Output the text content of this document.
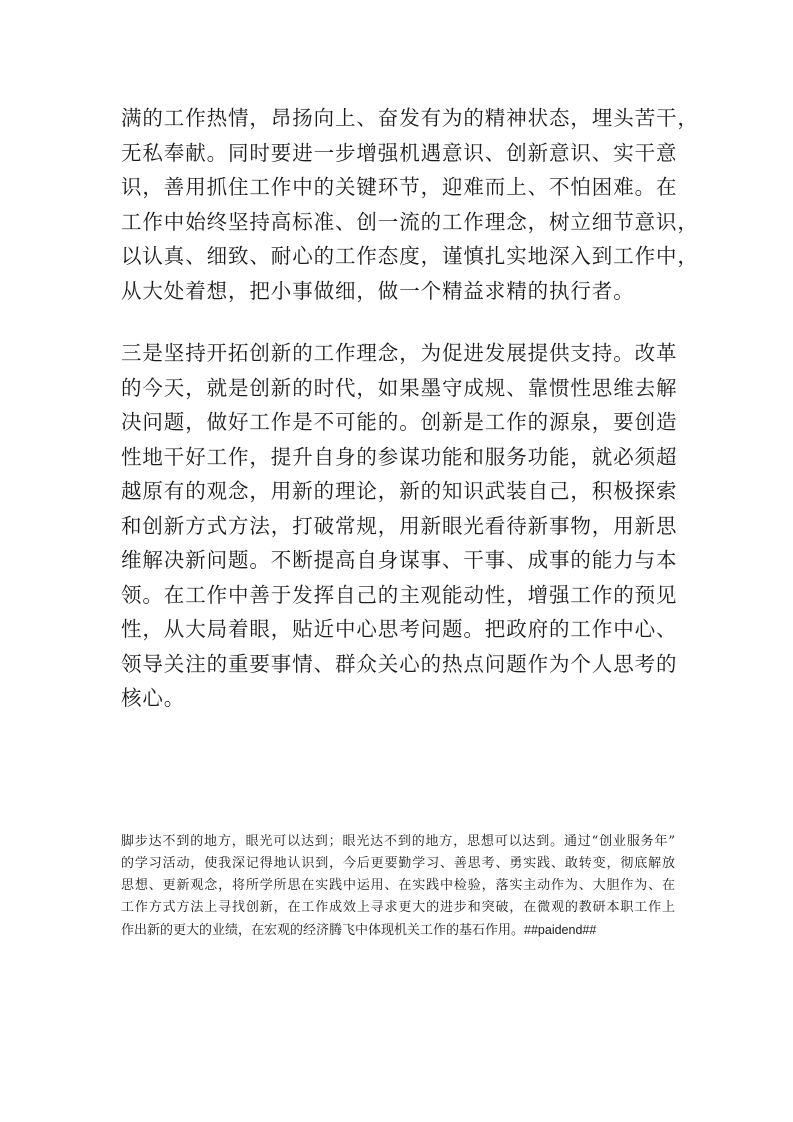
满的工作热情，昂扬向上、奋发有为的精神状态，埋头苦干，
无私奉献。同时要进一步增强机遇意识、创新意识、实干意
识，善用抓住工作中的关键环节，迎难而上、不怕困难。在
工作中始终坚持高标准、创一流的工作理念，树立细节意识，
以认真、细致、耐心的工作态度，谨慎扎实地深入到工作中，
从大处着想，把小事做细，做一个精益求精的执行者。
三是坚持开拓创新的工作理念，为促进发展提供支持。改革
的今天，就是创新的时代，如果墨守成规、靠惯性思维去解
决问题，做好工作是不可能的。创新是工作的源泉，要创造
性地干好工作，提升自身的参谋功能和服务功能，就必须超
越原有的观念，用新的理论，新的知识武装自己，积极探索
和创新方式方法，打破常规，用新眼光看待新事物，用新思
维解决新问题。不断提高自身谋事、干事、成事的能力与本
领。在工作中善于发挥自己的主观能动性，增强工作的预见
性，从大局着眼，贴近中心思考问题。把政府的工作中心、
领导关注的重要事情、群众关心的热点问题作为个人思考的
核心。
脚步达不到的地方，眼光可以达到；眼光达不到的地方，思想可以达到。通过“创业服务年”
的学习活动，使我深记得地认识到，今后更要勤学习、善思考、勇实践、敢转变，彻底解放
思想、更新观念，将所学所思在实践中运用、在实践中检验，落实主动作为、大胆作为、在
工作方式方法上寻找创新，在工作成效上寻求更大的进步和突破，在微观的教研本职工作上
作出新的更大的业绩，在宏观的经济腾飞中体现机关工作的基石作用。##paidend##
